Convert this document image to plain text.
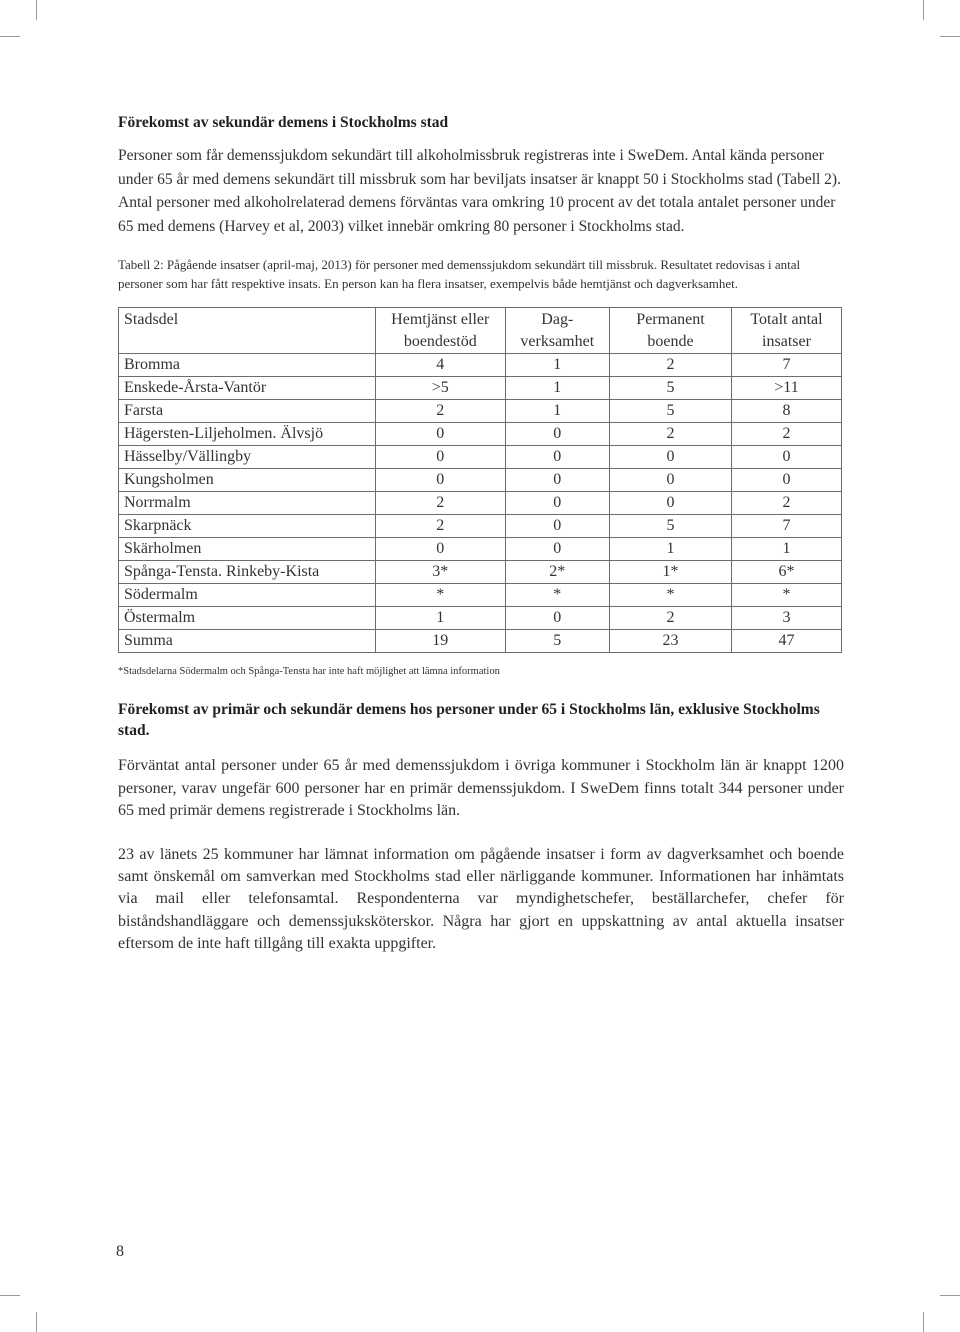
Förekomst av sekundär demens i Stockholms stad

Personer som får demenssjukdom sekundärt till alkoholmissbruk registreras inte i SweDem. Antal kända personer under 65 år med demens sekundärt till missbruk som har beviljats insatser är knappt 50 i Stockholms stad (Tabell 2). Antal personer med alkoholrelaterad demens förväntas vara omkring 10 procent av det totala antalet personer under 65 med demens (Harvey et al, 2003) vilket innebär omkring 80 personer i Stockholms stad.

Tabell 2: Pågående insatser (april-maj, 2013) för personer med demenssjukdom sekundärt till missbruk. Resultatet redovisas i antal personer som har fått respektive insats. En person kan ha flera insatser, exempelvis både hemtjänst och dagverksamhet.

Stadsdel	Hemtjänst eller boendestöd	Dag-verksamhet	Permanent boende	Totalt antal insatser
Bromma	4	1	2	7
Enskede-Årsta-Vantör	>5	1	5	>11
Farsta	2	1	5	8
Hägersten-Liljeholmen. Älvsjö	0	0	2	2
Hässelby/Vällingby	0	0	0	0
Kungsholmen	0	0	0	0
Norrmalm	2	0	0	2
Skarpnäck	2	0	5	7
Skärholmen	0	0	1	1
Spånga-Tensta. Rinkeby-Kista	3*	2*	1*	6*
Södermalm	*	*	*	*
Östermalm	1	0	2	3
Summa	19	5	23	47

*Stadsdelarna Södermalm och Spånga-Tensta har inte haft möjlighet att lämna information

Förekomst av primär och sekundär demens hos personer under 65 i Stockholms län, exklusive Stockholms stad.

Förväntat antal personer under 65 år med demenssjukdom i övriga kommuner i Stockholm län är knappt 1200 personer, varav ungefär 600 personer har en primär demenssjukdom. I SweDem finns totalt 344 personer under 65 med primär demens registrerade i Stockholms län.

23 av länets 25 kommuner har lämnat information om pågående insatser i form av dagverksamhet och boende samt önskemål om samverkan med Stockholms stad eller närliggande kommuner. Informationen har inhämtats via mail eller telefonsamtal. Respondenterna var myndighetschefer, beställarchefer, chefer för biståndshandläggare och demenssjuksköterskor. Några har gjort en uppskattning av antal aktuella insatser eftersom de inte haft tillgång till exakta uppgifter.

8
